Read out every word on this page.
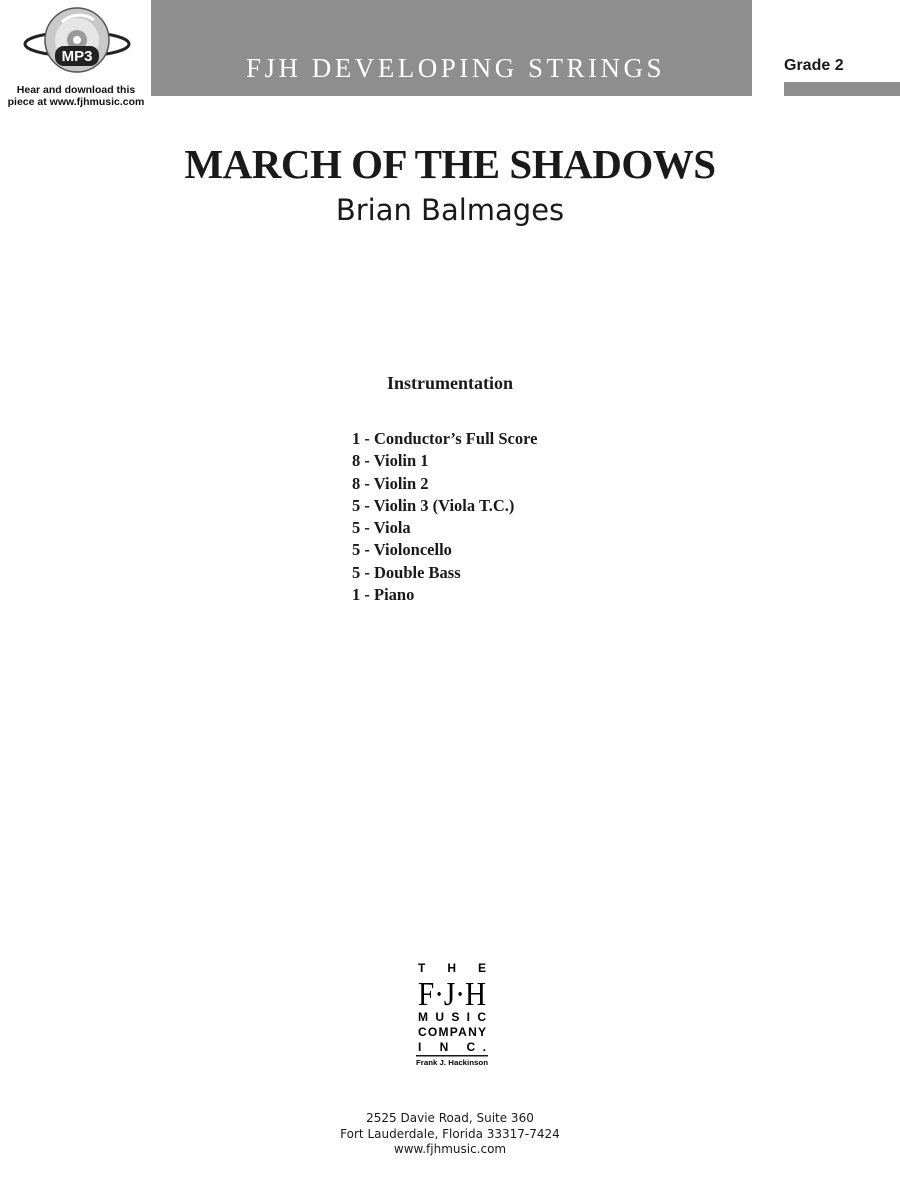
MP3
Hear and download this
piece at www.fjhmusic.com
FJH DEVELOPING STRINGS	Grade 2
MARCH OF THE SHADOWS
Brian Balmages
Instrumentation
1 - Conductor’s Full Score
8 - Violin 1
8 - Violin 2
5 - Violin 3 (Viola T.C.)
5 - Viola
5 - Violoncello
5 - Double Bass
1 - Piano
T H E
F·J·H
MUSIC
COMPANY
I N C.
Frank J. Hackinson
2525 Davie Road, Suite 360
Fort Lauderdale, Florida 33317-7424
www.fjhmusic.com
